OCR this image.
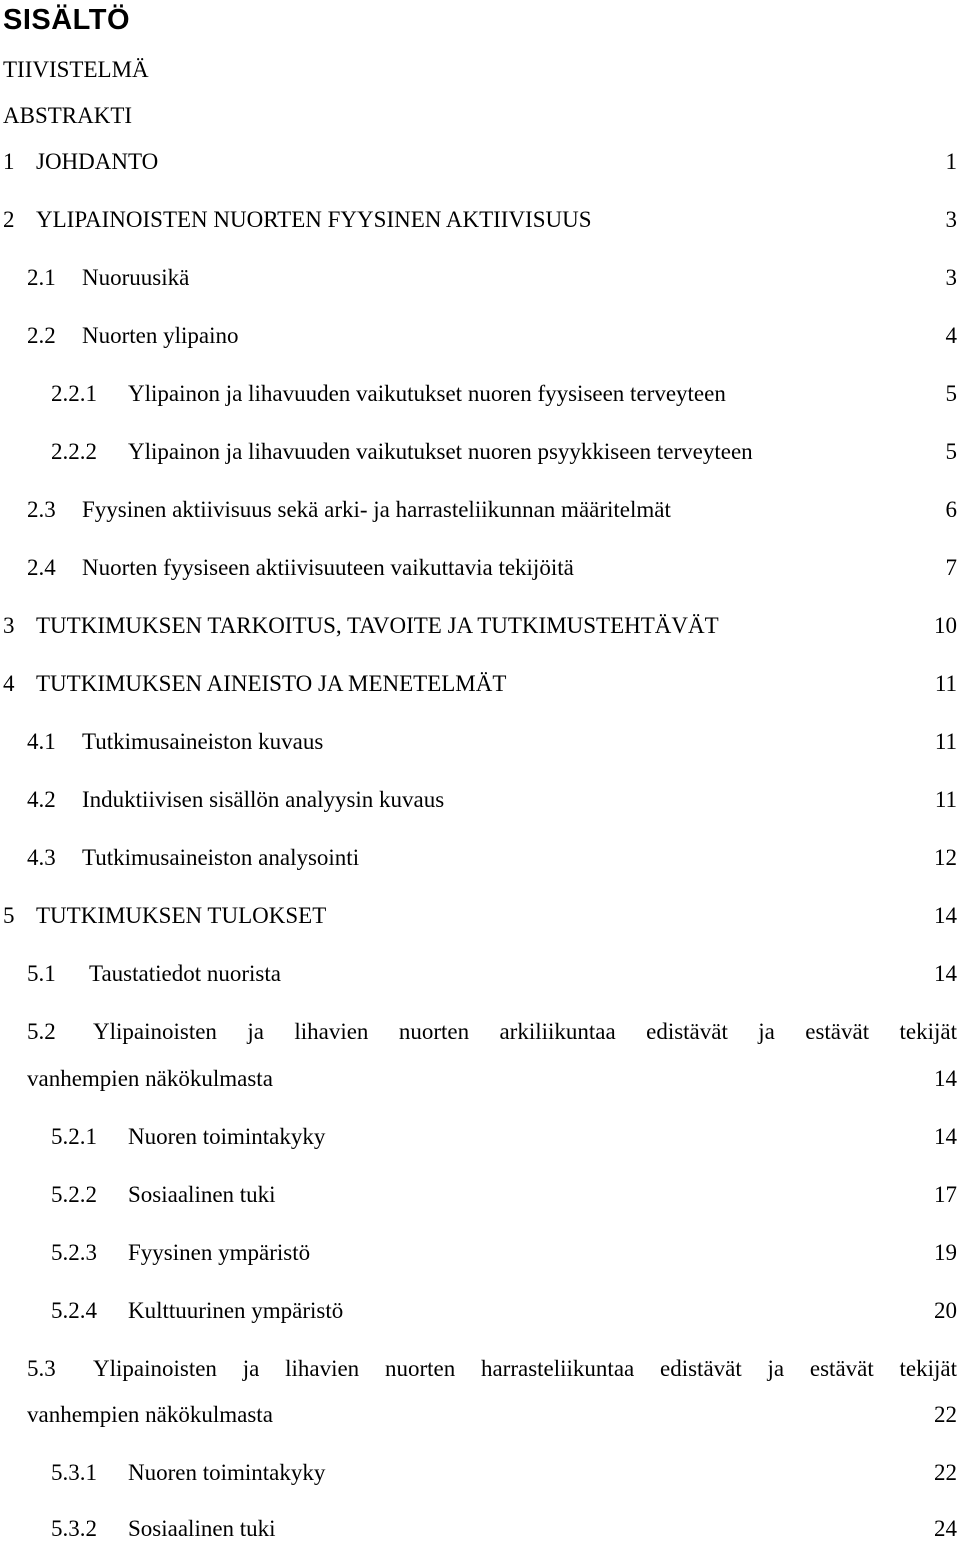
SISÄLTÖ
TIIVISTELMÄ
ABSTRAKTI
1 JOHDANTO	1
2 YLIPAINOISTEN NUORTEN FYYSINEN AKTIIVISUUS	3
2.1 Nuoruusikä	3
2.2 Nuorten ylipaino	4
2.2.1 Ylipainon ja lihavuuden vaikutukset nuoren fyysiseen terveyteen	5
2.2.2 Ylipainon ja lihavuuden vaikutukset nuoren psyykkiseen terveyteen	5
2.3 Fyysinen aktiivisuus sekä arki- ja harrasteliikunnan määritelmät	6
2.4 Nuorten fyysiseen aktiivisuuteen vaikuttavia tekijöitä	7
3 TUTKIMUKSEN TARKOITUS, TAVOITE JA TUTKIMUSTEHTÄVÄT	10
4 TUTKIMUKSEN AINEISTO JA MENETELMÄT	11
4.1 Tutkimusaineiston kuvaus	11
4.2 Induktiivisen sisällön analyysin kuvaus	11
4.3 Tutkimusaineiston analysointi	12
5 TUTKIMUKSEN TULOKSET	14
5.1 Taustatiedot nuorista	14
5.2 Ylipainoisten ja lihavien nuorten arkiliikuntaa edistävät ja estävät tekijät
vanhempien näkökulmasta	14
5.2.1 Nuoren toimintakyky	14
5.2.2 Sosiaalinen tuki	17
5.2.3 Fyysinen ympäristö	19
5.2.4 Kulttuurinen ympäristö	20
5.3 Ylipainoisten ja lihavien nuorten harrasteliikuntaa edistävät ja estävät tekijät
vanhempien näkökulmasta	22
5.3.1 Nuoren toimintakyky	22
5.3.2 Sosiaalinen tuki	24
